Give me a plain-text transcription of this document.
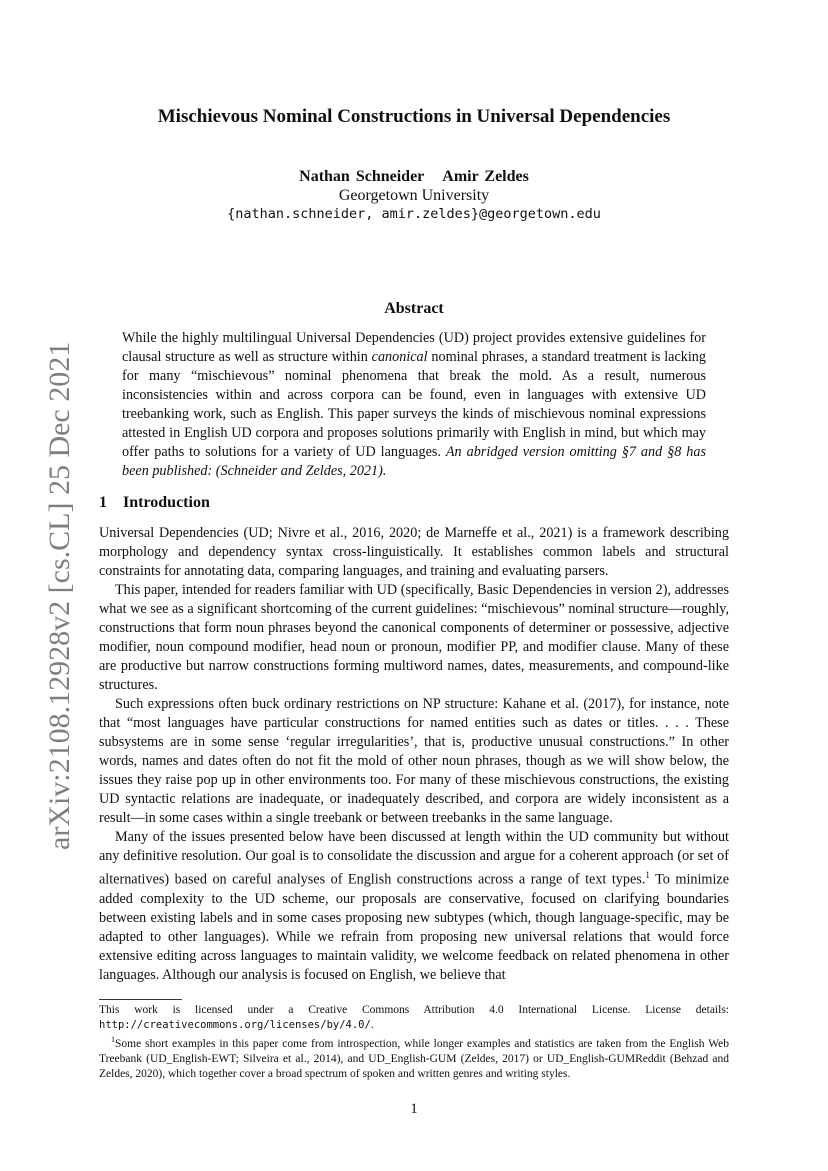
arXiv:2108.12928v2 [cs.CL] 25 Dec 2021
Mischievous Nominal Constructions in Universal Dependencies
Nathan Schneider Amir Zeldes
Georgetown University
{nathan.schneider, amir.zeldes}@georgetown.edu
Abstract
While the highly multilingual Universal Dependencies (UD) project provides extensive guidelines for clausal structure as well as structure within canonical nominal phrases, a standard treatment is lacking for many “mischievous” nominal phenomena that break the mold. As a result, numerous inconsistencies within and across corpora can be found, even in languages with extensive UD treebanking work, such as English. This paper surveys the kinds of mischievous nominal expressions attested in English UD corpora and proposes solutions primarily with English in mind, but which may offer paths to solutions for a variety of UD languages. An abridged version omitting §7 and §8 has been published: (Schneider and Zeldes, 2021).
1 Introduction

Universal Dependencies (UD; Nivre et al., 2016, 2020; de Marneffe et al., 2021) is a framework describing morphology and dependency syntax cross-linguistically. It establishes common labels and structural constraints for annotating data, comparing languages, and training and evaluating parsers.

This paper, intended for readers familiar with UD (specifically, Basic Dependencies in version 2), addresses what we see as a significant shortcoming of the current guidelines: “mischievous” nominal structure—roughly, constructions that form noun phrases beyond the canonical components of determiner or possessive, adjective modifier, noun compound modifier, head noun or pronoun, modifier PP, and modifier clause. Many of these are productive but narrow constructions forming multiword names, dates, measurements, and compound-like structures.

Such expressions often buck ordinary restrictions on NP structure: Kahane et al. (2017), for instance, note that “most languages have particular constructions for named entities such as dates or titles. . . . These subsystems are in some sense ‘regular irregularities’, that is, productive unusual constructions.” In other words, names and dates often do not fit the mold of other noun phrases, though as we will show below, the issues they raise pop up in other environments too. For many of these mischievous constructions, the existing UD syntactic relations are inadequate, or inadequately described, and corpora are widely inconsistent as a result—in some cases within a single treebank or between treebanks in the same language.

Many of the issues presented below have been discussed at length within the UD community but without any definitive resolution. Our goal is to consolidate the discussion and argue for a coherent approach (or set of alternatives) based on careful analyses of English constructions across a range of text types.$^1$ To minimize added complexity to the UD scheme, our proposals are conservative, focused on clarifying boundaries between existing labels and in some cases proposing new subtypes (which, though language-specific, may be adapted to other languages). While we refrain from proposing new universal relations that would force extensive editing across languages to maintain validity, we welcome feedback on related phenomena in other languages. Although our analysis is focused on English, we believe that

This work is licensed under a Creative Commons Attribution 4.0 International License. License details: http://creativecommons.org/licenses/by/4.0/.
$^1$Some short examples in this paper come from introspection, while longer examples and statistics are taken from the English Web Treebank (UD_English-EWT; Silveira et al., 2014), and UD_English-GUM (Zeldes, 2017) or UD_English-GUMReddit (Behzad and Zeldes, 2020), which together cover a broad spectrum of spoken and written genres and writing styles.
1
